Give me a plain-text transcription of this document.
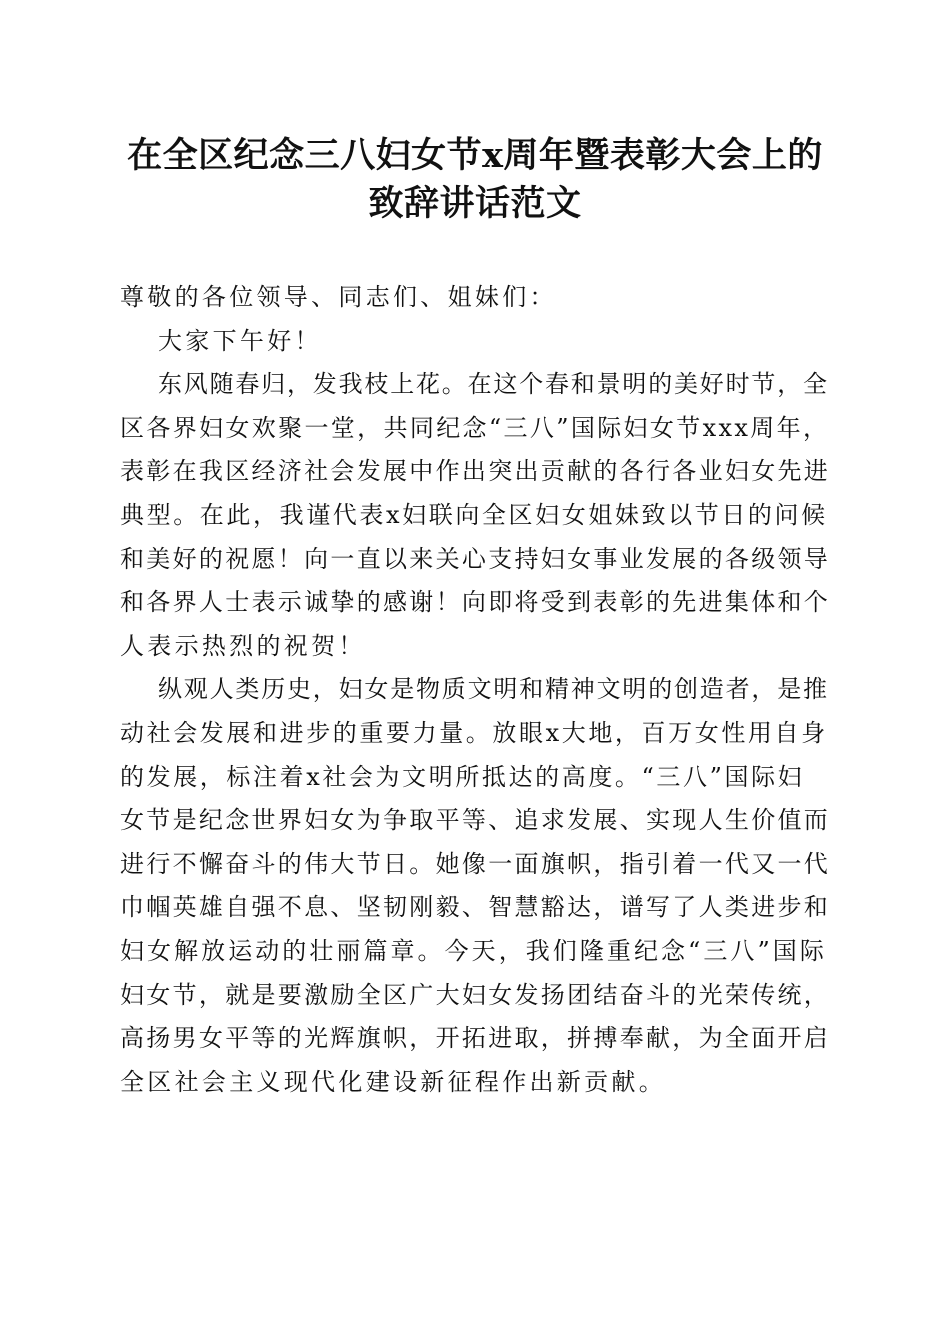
在全区纪念三八妇女节x周年暨表彰大会上的
致辞讲话范文
尊敬的各位领导、同志们、姐妹们：
大家下午好！
东风随春归，发我枝上花。在这个春和景明的美好时节，全
区各界妇女欢聚一堂，共同纪念“三八”国际妇女节xxx周年，
表彰在我区经济社会发展中作出突出贡献的各行各业妇女先进
典型。在此，我谨代表x妇联向全区妇女姐妹致以节日的问候
和美好的祝愿！向一直以来关心支持妇女事业发展的各级领导
和各界人士表示诚挚的感谢！向即将受到表彰的先进集体和个
人表示热烈的祝贺！
纵观人类历史，妇女是物质文明和精神文明的创造者，是推
动社会发展和进步的重要力量。放眼x大地，百万女性用自身
的发展，标注着x社会为文明所抵达的高度。“三八”国际妇
女节是纪念世界妇女为争取平等、追求发展、实现人生价值而
进行不懈奋斗的伟大节日。她像一面旗帜，指引着一代又一代
巾帼英雄自强不息、坚韧刚毅、智慧豁达，谱写了人类进步和
妇女解放运动的壮丽篇章。今天，我们隆重纪念“三八”国际
妇女节，就是要激励全区广大妇女发扬团结奋斗的光荣传统，
高扬男女平等的光辉旗帜，开拓进取，拼搏奉献，为全面开启
全区社会主义现代化建设新征程作出新贡献。
